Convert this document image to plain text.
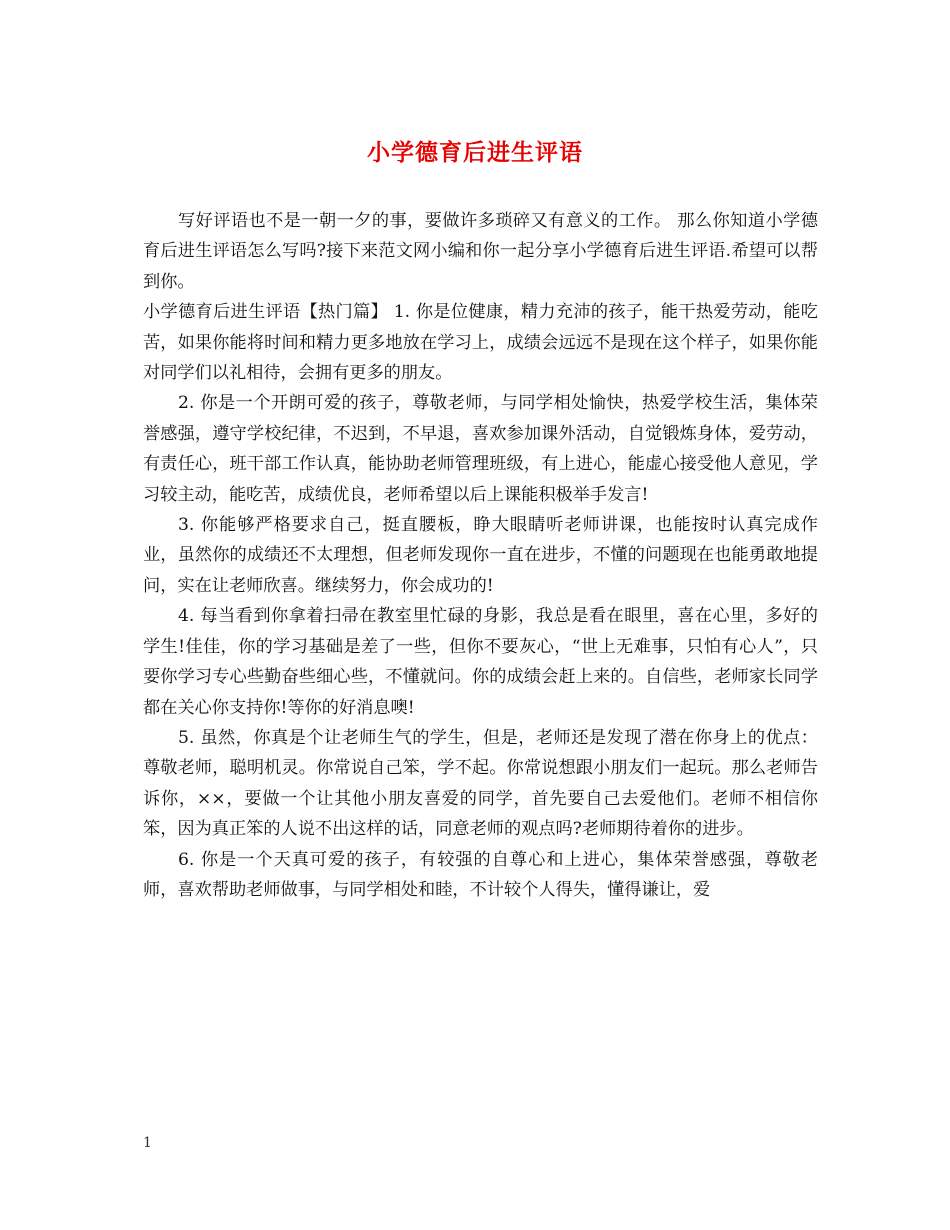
小学德育后进生评语

写好评语也不是一朝一夕的事，要做许多琐碎又有意义的工作。 那么你知道小学德育后进生评语怎么写吗?接下来范文网小编和你一起分享小学德育后进生评语.希望可以帮到你。

小学德育后进生评语【热门篇】 1. 你是位健康，精力充沛的孩子，能干热爱劳动，能吃苦，如果你能将时间和精力更多地放在学习上，成绩会远远不是现在这个样子，如果你能对同学们以礼相待，会拥有更多的朋友。

2. 你是一个开朗可爱的孩子，尊敬老师，与同学相处愉快，热爱学校生活，集体荣誉感强，遵守学校纪律，不迟到，不早退，喜欢参加课外活动，自觉锻炼身体，爱劳动，有责任心，班干部工作认真，能协助老师管理班级，有上进心，能虚心接受他人意见，学习较主动，能吃苦，成绩优良，老师希望以后上课能积极举手发言!

3. 你能够严格要求自己，挺直腰板，睁大眼睛听老师讲课，也能按时认真完成作业，虽然你的成绩还不太理想，但老师发现你一直在进步，不懂的问题现在也能勇敢地提问，实在让老师欣喜。继续努力，你会成功的!

4. 每当看到你拿着扫帚在教室里忙碌的身影，我总是看在眼里，喜在心里，多好的学生!佳佳，你的学习基础是差了一些，但你不要灰心，“世上无难事，只怕有心人”，只要你学习专心些勤奋些细心些，不懂就问。你的成绩会赶上来的。自信些，老师家长同学都在关心你支持你!等你的好消息噢!

5. 虽然，你真是个让老师生气的学生，但是，老师还是发现了潜在你身上的优点：尊敬老师，聪明机灵。你常说自己笨，学不起。你常说想跟小朋友们一起玩。那么老师告诉你，××，要做一个让其他小朋友喜爱的同学，首先要自己去爱他们。老师不相信你笨，因为真正笨的人说不出这样的话，同意老师的观点吗?老师期待着你的进步。

6. 你是一个天真可爱的孩子，有较强的自尊心和上进心，集体荣誉感强，尊敬老师，喜欢帮助老师做事，与同学相处和睦，不计较个人得失，懂得谦让，爱

1
